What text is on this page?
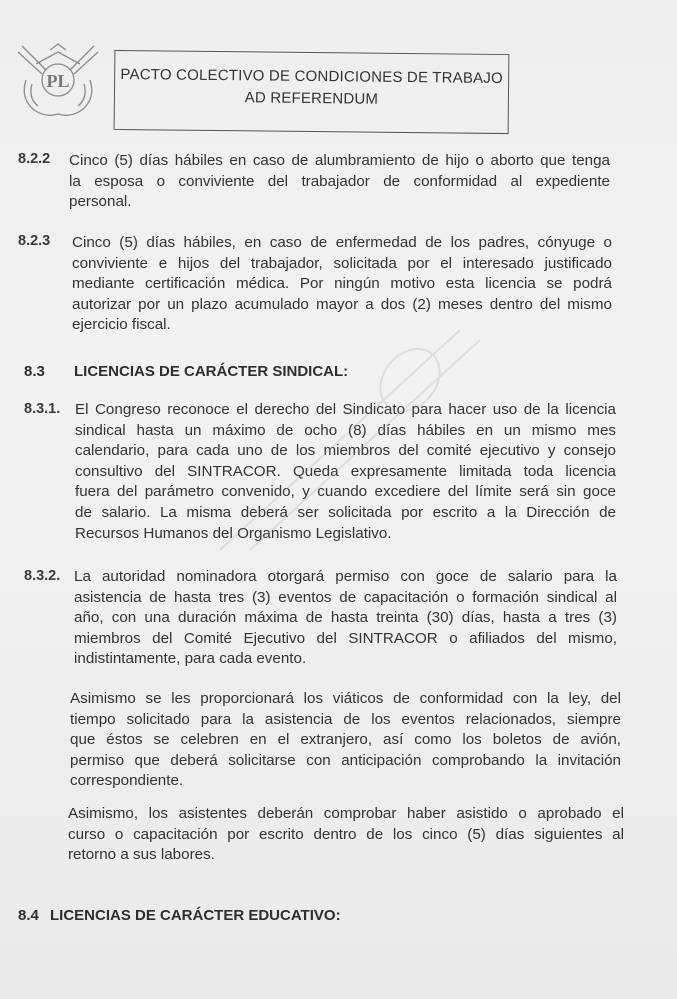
PL	PACTO COLECTIVO DE CONDICIONES DE TRABAJO
AD REFERENDUM
8.2.2 Cinco (5) días hábiles en caso de alumbramiento de hijo o aborto que tenga
la esposa o conviviente del trabajador de conformidad al expediente
personal.
8.2.3 Cinco (5) días hábiles, en caso de enfermedad de los padres, cónyuge o
conviviente e hijos del trabajador, solicitada por el interesado justificado
mediante certificación médica. Por ningún motivo esta licencia se podrá
autorizar por un plazo acumulado mayor a dos (2) meses dentro del mismo
ejercicio fiscal.
8.3 LICENCIAS DE CARÁCTER SINDICAL:
8.3.1. El Congreso reconoce el derecho del Sindicato para hacer uso de la licencia
sindical hasta un máximo de ocho (8) días hábiles en un mismo mes
calendario, para cada uno de los miembros del comité ejecutivo y consejo
consultivo del SINTRACOR. Queda expresamente limitada toda licencia
fuera del parámetro convenido, y cuando excediere del límite será sin goce
de salario. La misma deberá ser solicitada por escrito a la Dirección de
Recursos Humanos del Organismo Legislativo.
8.3.2. La autoridad nominadora otorgará permiso con goce de salario para la
asistencia de hasta tres (3) eventos de capacitación o formación sindical al
año, con una duración máxima de hasta treinta (30) días, hasta a tres (3)
miembros del Comité Ejecutivo del SINTRACOR o afiliados del mismo,
indistintamente, para cada evento.
Asimismo se les proporcionará los viáticos de conformidad con la ley, del
tiempo solicitado para la asistencia de los eventos relacionados, siempre
que éstos se celebren en el extranjero, así como los boletos de avión,
permiso que deberá solicitarse con anticipación comprobando la invitación
correspondiente.
Asimismo, los asistentes deberán comprobar haber asistido o aprobado el
curso o capacitación por escrito dentro de los cinco (5) días siguientes al
retorno a sus labores.
8.4 LICENCIAS DE CARÁCTER EDUCATIVO:
